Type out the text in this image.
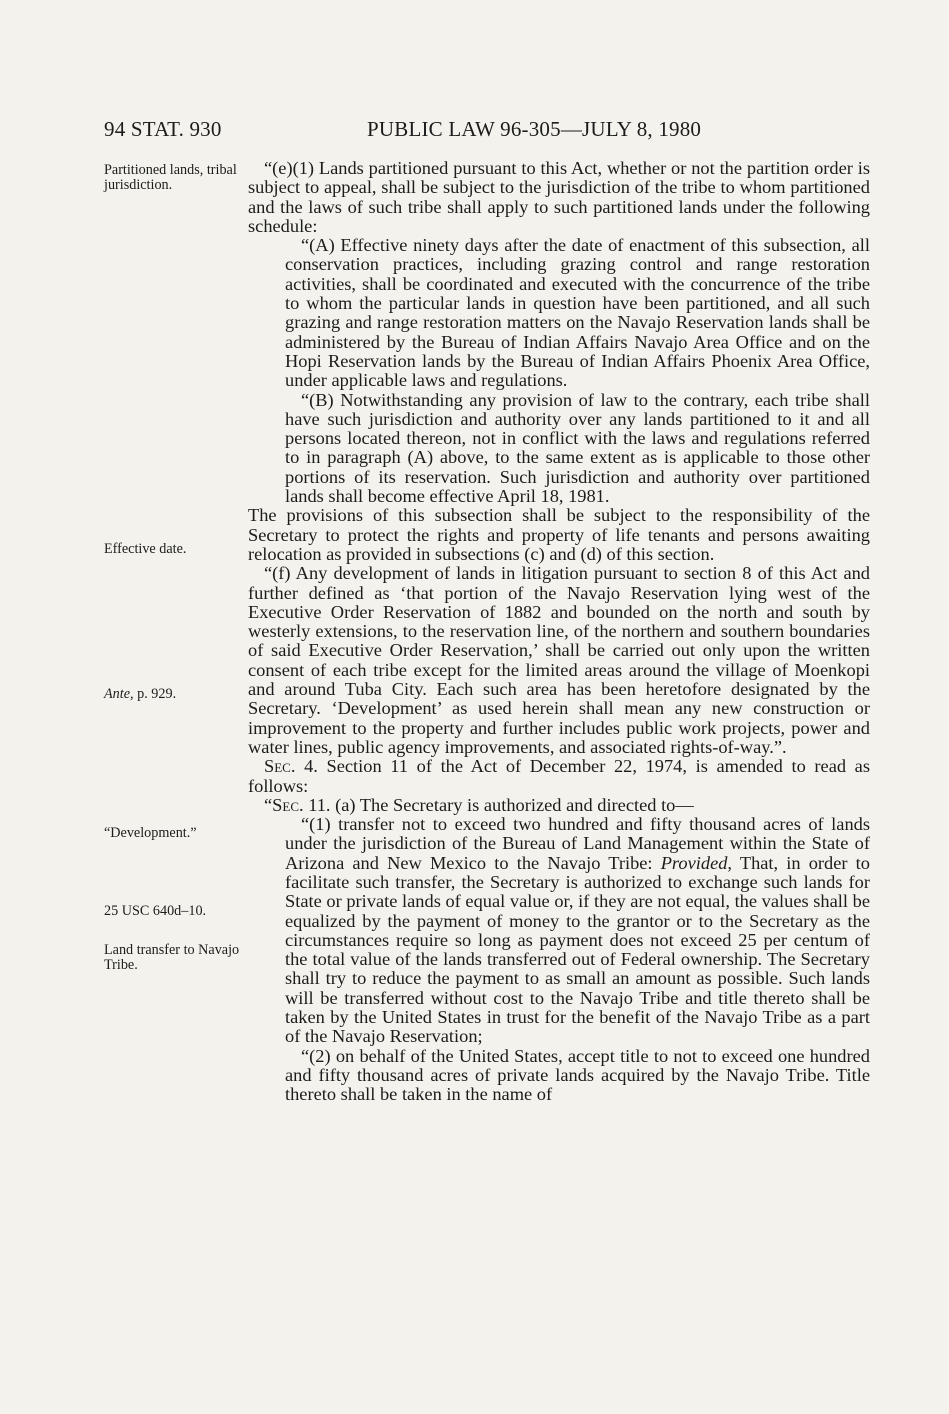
94 STAT. 930	PUBLIC LAW 96-305—JULY 8, 1980
Partitioned lands, tribal jurisdiction.
Effective date.
Ante, p. 929.
“Development.”
25 USC 640d–10.
Land transfer to Navajo Tribe.

“(e)(1) Lands partitioned pursuant to this Act, whether or not the partition order is subject to appeal, shall be subject to the jurisdiction of the tribe to whom partitioned and the laws of such tribe shall apply to such partitioned lands under the following schedule:

“(A) Effective ninety days after the date of enactment of this subsection, all conservation practices, including grazing control and range restoration activities, shall be coordinated and executed with the concurrence of the tribe to whom the particular lands in question have been partitioned, and all such grazing and range restoration matters on the Navajo Reservation lands shall be administered by the Bureau of Indian Affairs Navajo Area Office and on the Hopi Reservation lands by the Bureau of Indian Affairs Phoenix Area Office, under applicable laws and regulations.

“(B) Notwithstanding any provision of law to the contrary, each tribe shall have such jurisdiction and authority over any lands partitioned to it and all persons located thereon, not in conflict with the laws and regulations referred to in paragraph (A) above, to the same extent as is applicable to those other portions of its reservation. Such jurisdiction and authority over partitioned lands shall become effective April 18, 1981.

The provisions of this subsection shall be subject to the responsibility of the Secretary to protect the rights and property of life tenants and persons awaiting relocation as provided in subsections (c) and (d) of this section.

“(f) Any development of lands in litigation pursuant to section 8 of this Act and further defined as ‘that portion of the Navajo Reservation lying west of the Executive Order Reservation of 1882 and bounded on the north and south by westerly extensions, to the reservation line, of the northern and southern boundaries of said Executive Order Reservation,’ shall be carried out only upon the written consent of each tribe except for the limited areas around the village of Moenkopi and around Tuba City. Each such area has been heretofore designated by the Secretary. ‘Development’ as used herein shall mean any new construction or improvement to the property and further includes public work projects, power and water lines, public agency improvements, and associated rights-of-way.”.

Sec. 4. Section 11 of the Act of December 22, 1974, is amended to read as follows:

“Sec. 11. (a) The Secretary is authorized and directed to—

“(1) transfer not to exceed two hundred and fifty thousand acres of lands under the jurisdiction of the Bureau of Land Management within the State of Arizona and New Mexico to the Navajo Tribe: Provided, That, in order to facilitate such transfer, the Secretary is authorized to exchange such lands for State or private lands of equal value or, if they are not equal, the values shall be equalized by the payment of money to the grantor or to the Secretary as the circumstances require so long as payment does not exceed 25 per centum of the total value of the lands transferred out of Federal ownership. The Secretary shall try to reduce the payment to as small an amount as possible. Such lands will be transferred without cost to the Navajo Tribe and title thereto shall be taken by the United States in trust for the benefit of the Navajo Tribe as a part of the Navajo Reservation;

“(2) on behalf of the United States, accept title to not to exceed one hundred and fifty thousand acres of private lands acquired by the Navajo Tribe. Title thereto shall be taken in the name of
